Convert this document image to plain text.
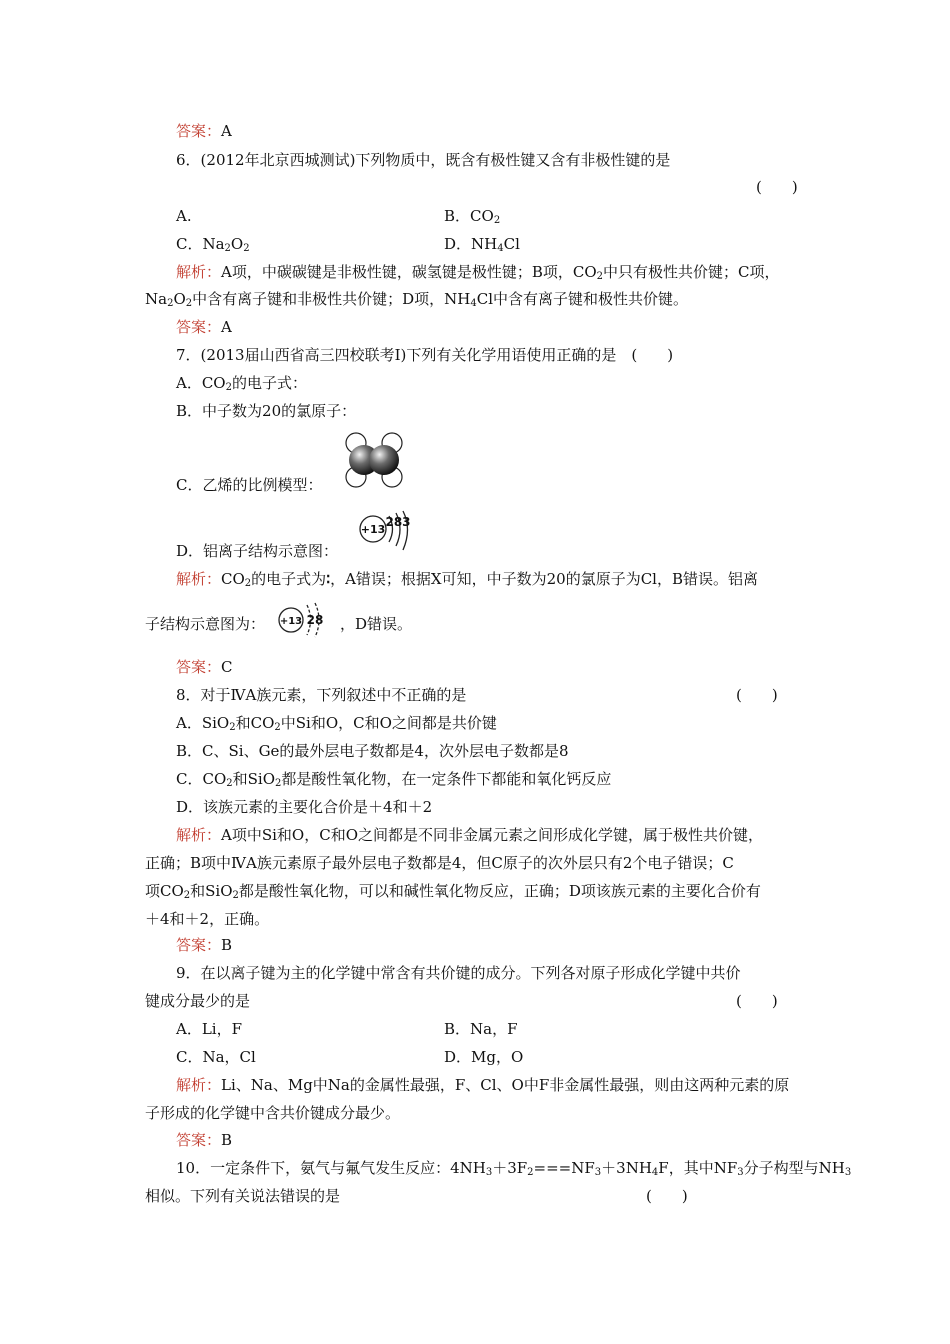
答案：A
6．(2012年北京西城测试)下列物质中，既含有极性键又含有非极性键的是
(　　)
A.	B．$CO_2$
C．$Na_2O_2$	D．$NH_4Cl$
解析：A项，中碳碳键是非极性键，碳氢键是极性键；B项，$CO_2$中只有极性共价键；C项，
$Na_2O_2$中含有离子键和非极性共价键；D项，$NH_4Cl$中含有离子键和极性共价键。
答案：A
7．(2013届山西省高三四校联考Ⅰ)下列有关化学用语使用正确的是　(　　)
A．$CO_2$的电子式：
B．中子数为20的氯原子：
C．乙烯的比例模型：
+13
283
D．铝离子结构示意图：
解析：$CO_2$的电子式为∶，A错误；根据X可知，中子数为20的氯原子为Cl，B错误。铝离
子结构示意图为： +13 28 ，D错误。
答案：C
8．对于ⅣA族元素，下列叙述中不正确的是	(　　)
A．SiO$_2$和$CO_2$中Si和O，C和O之间都是共价键
B．C、Si、Ge的最外层电子数都是4，次外层电子数都是8
C．$CO_2$和SiO$_2$都是酸性氧化物，在一定条件下都能和氧化钙反应
D．该族元素的主要化合价是＋4和＋2
解析：A项中Si和O，C和O之间都是不同非金属元素之间形成化学键，属于极性共价键，
正确；B项中ⅣA族元素原子最外层电子数都是4，但C原子的次外层只有2个电子错误；C
项$CO_2$和SiO$_2$都是酸性氧化物，可以和碱性氧化物反应，正确；D项该族元素的主要化合价有
＋4和＋2，正确。
答案：B
9．在以离子键为主的化学键中常含有共价键的成分。下列各对原子形成化学键中共价
键成分最少的是	(　　)
A．Li，F	B．Na，F
C．Na，Cl	D．Mg，O
解析：Li、Na、Mg中Na的金属性最强，F、Cl、O中F非金属性最强，则由这两种元素的原
子形成的化学键中含共价键成分最少。
答案：B
10．一定条件下，氨气与氟气发生反应：$4NH_3+3F_2===NF_3+3NH_4F$，其中$NF_3$分子构型与$NH_3$
相似。下列有关说法错误的是	(　　)
